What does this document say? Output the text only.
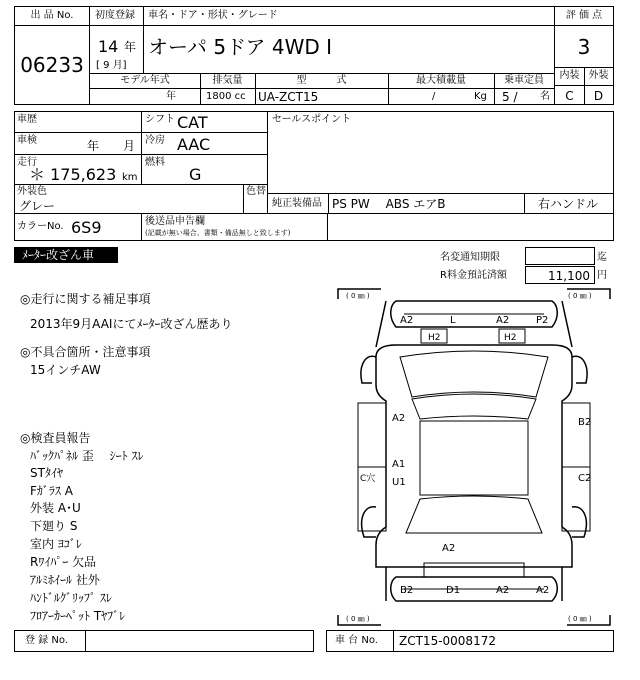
出 品 No.
06233
初度登録
14 年
[ 9 月]
車名・ドア・形状・グレード
オーパ 5ドア 4WD I
評 価 点
3
内装 外装
C	D
モデル年式
年
排気量
1800 cc
型　　　式
UA-ZCT15
最大積載量
/	Kg
乗車定員
5 / 名
車歴
車検	年 月
走行
＊ 175,623 km
シフト CAT
冷房 AAC
燃料
G
外装色
グレー
色替
セールスポイント
純正装備品 PS PW　 ABS エアB	右ハンドル
カラーNo. 6S9	後送品申告欄
(記載が無い場合、書類・備品無しと致します)
ﾒｰﾀｰ改ざん車	名変通知期限	迄
R料金預託済額	11,100 円
◎走行に関する補足事項
2013年9月AAIにてﾒｰﾀｰ改ざん歴あり
◎不具合箇所・注意事項
15インチAW
◎検査員報告
ﾊﾞｯｸﾊﾟﾈﾙ 歪　 ｼｰﾄ ｽﾚ
STﾀｲﾔ
Fｶﾞﾗｽ A
外装 A･U
下廻り S
室内 ﾖｺﾞﾚ
Rﾜｲﾊﾟｰ 欠品
ｱﾙﾐﾎｲｰﾙ 社外
ﾊﾝﾄﾞﾙｸﾞﾘｯﾌﾟ ｽﾚ
ﾌﾛｱｰｶｰﾍﾟｯﾄ Tﾔﾌﾞﾚ
( 0 ㎜ )	( 0 ㎜ )
( 0 ㎜ )	( 0 ㎜ )
A2	L	A2	P2
H2	H2
A2
A1
U1
C穴
B2
C2
A2
B2	D1	A2	A2
登 録 No.	車 台 No. ZCT15-0008172
